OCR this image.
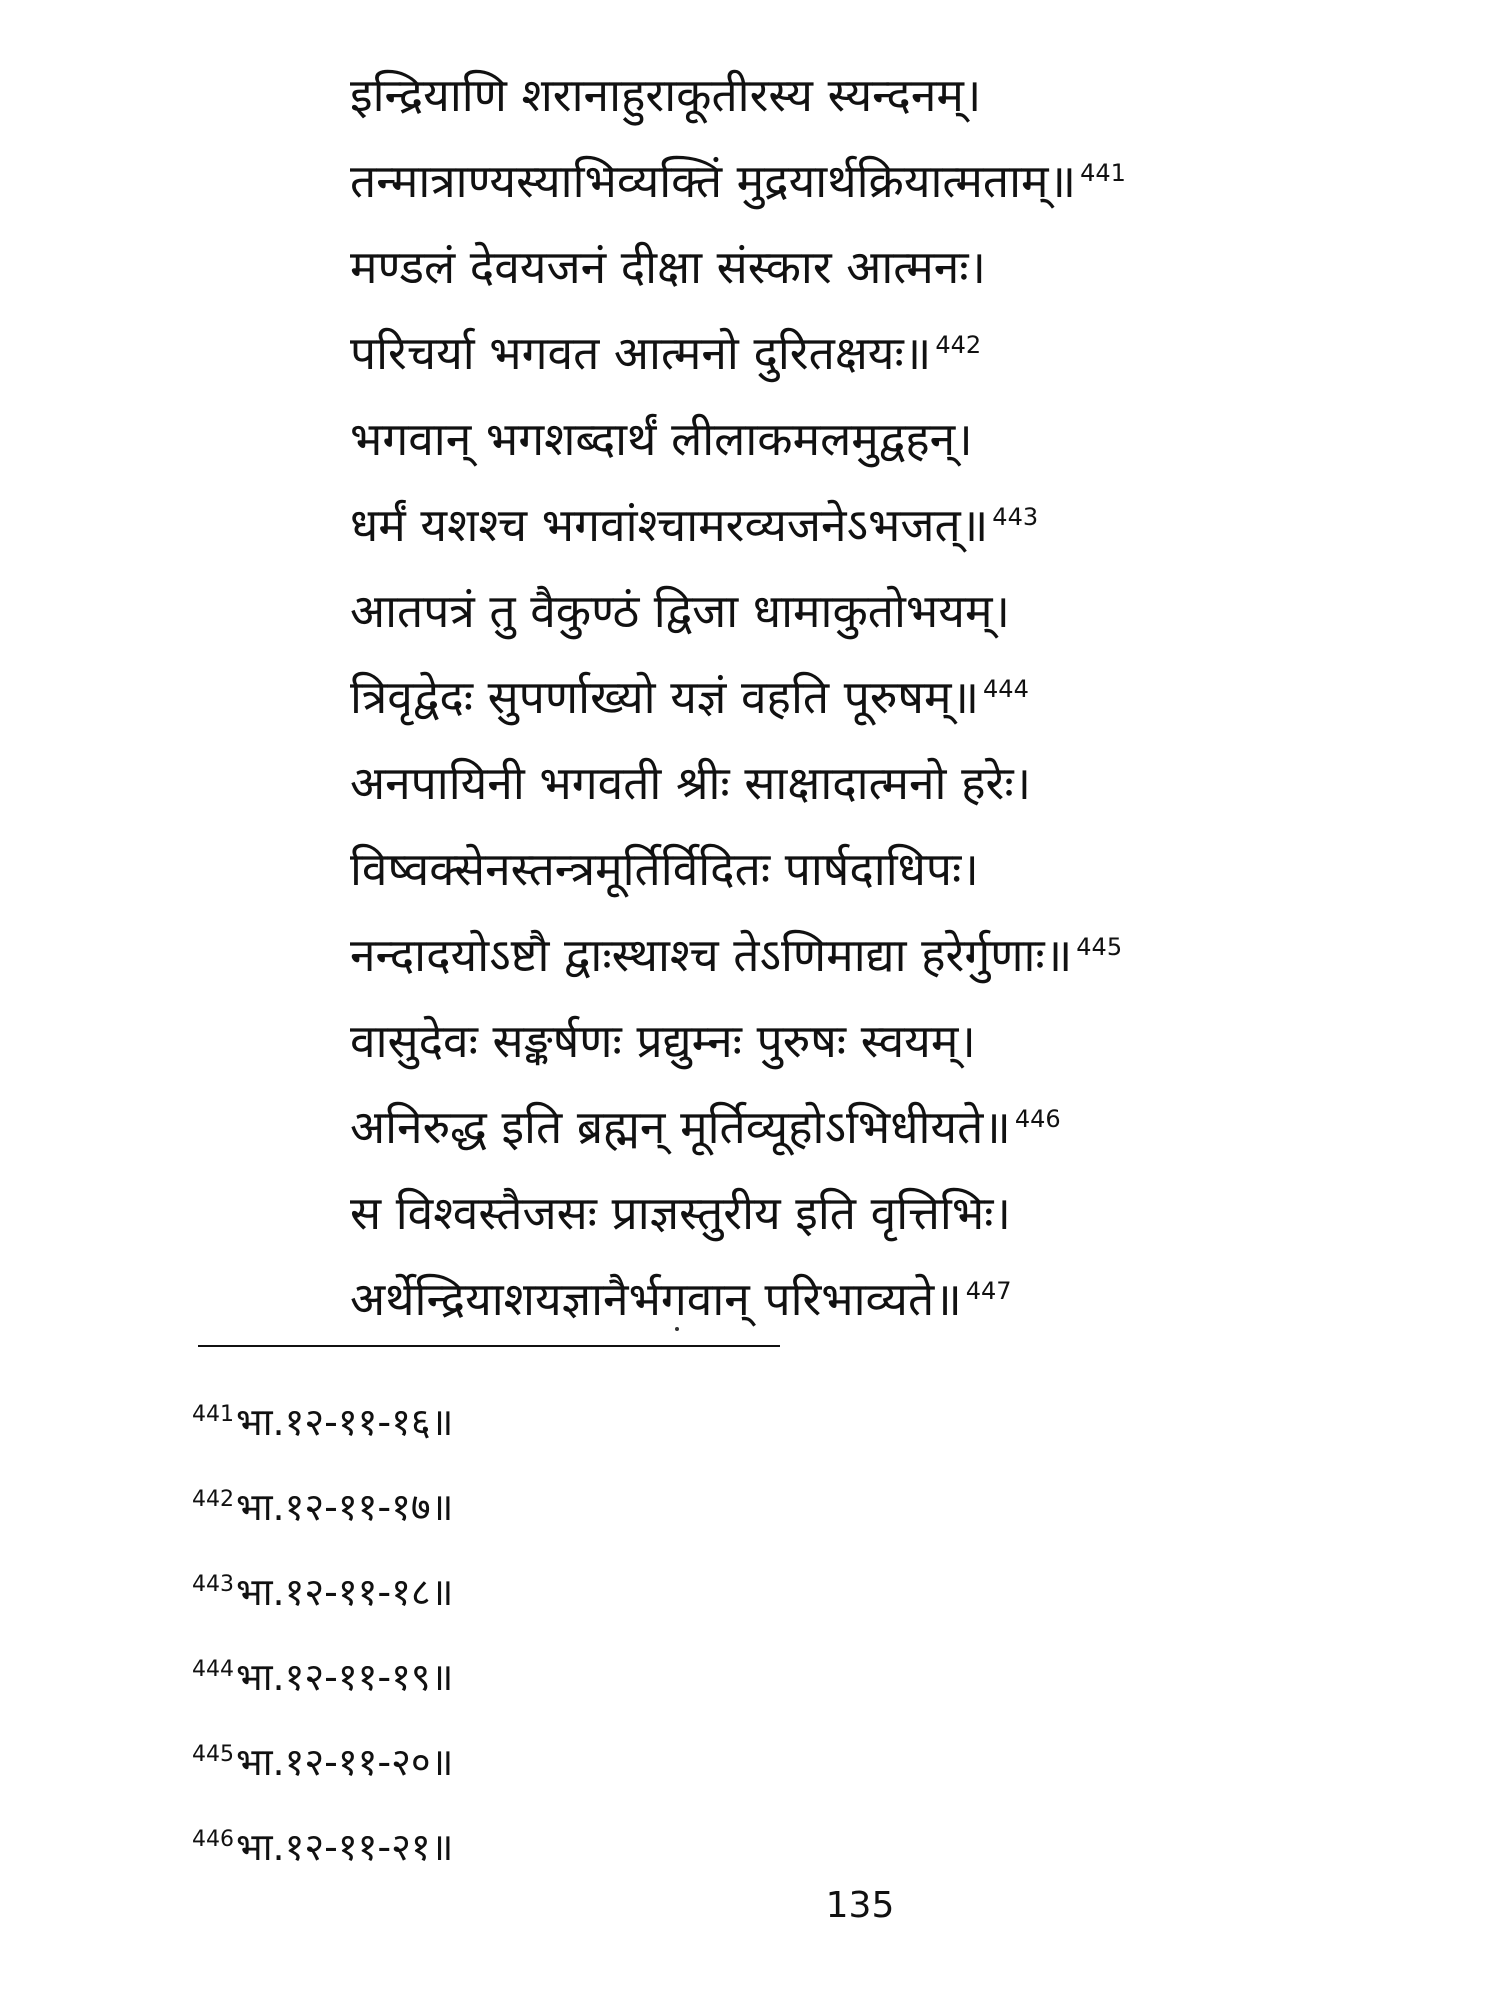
इन्द्रियाणि शरानाहुराकूतीरस्य स्यन्दनम्।
तन्मात्राण्यस्याभिव्यक्तिं मुद्रयार्थक्रियात्मताम्॥ $^{441}$
मण्डलं देवयजनं दीक्षा संस्कार आत्मनः।
परिचर्या भगवत आत्मनो दुरितक्षयः॥ $^{442}$
भगवान् भगशब्दार्थं लीलाकमलमुद्वहन्।
धर्मं यशश्च भगवांश्चामरव्यजनेऽभजत्॥ $^{443}$
आतपत्रं तु वैकुण्ठं द्विजा धामाकुतोभयम्।
त्रिवृद्वेदः सुपर्णाख्यो यज्ञं वहति पूरुषम्॥ $^{444}$
अनपायिनी भगवती श्रीः साक्षादात्मनो हरेः।
विष्वक्सेनस्तन्त्रमूर्तिर्विदितः पार्षदाधिपः।
नन्दादयोऽष्टौ द्वाःस्थाश्च तेऽणिमाद्या हरेर्गुणाः॥ $^{445}$
वासुदेवः सङ्कर्षणः प्रद्युम्नः पुरुषः स्वयम्।
अनिरुद्ध इति ब्रह्मन् मूर्तिव्यूहोऽभिधीयते॥ $^{446}$
स विश्वस्तैजसः प्राज्ञस्तुरीय इति वृत्तिभिः।
अर्थेन्द्रियाशयज्ञानैर्भगवान् परिभाव्यते॥ $^{447}$
$^{441}$भा.१२-११-१६॥
$^{442}$भा.१२-११-१७॥
$^{443}$भा.१२-११-१८॥
$^{444}$भा.१२-११-१९॥
$^{445}$भा.१२-११-२०॥
$^{446}$भा.१२-११-२१॥
135
